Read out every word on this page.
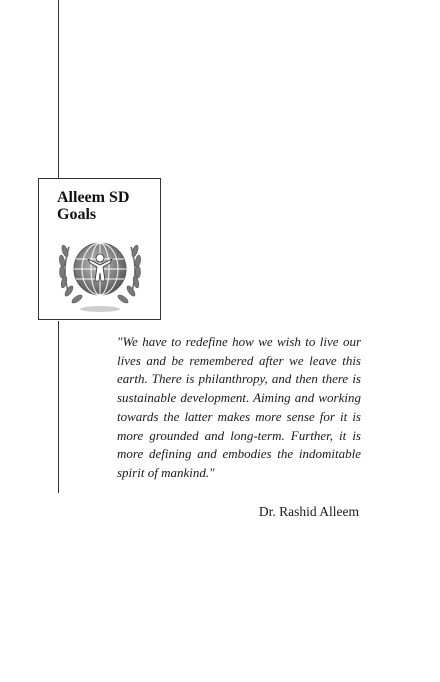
Alleem SD Goals

"We have to redefine how we wish to live our lives and be remembered after we leave this earth. There is philanthropy, and then there is sustainable development. Aiming and working towards the latter makes more sense for it is more grounded and long-term. Further, it is more defining and embodies the indomitable spirit of mankind."

Dr. Rashid Alleem
